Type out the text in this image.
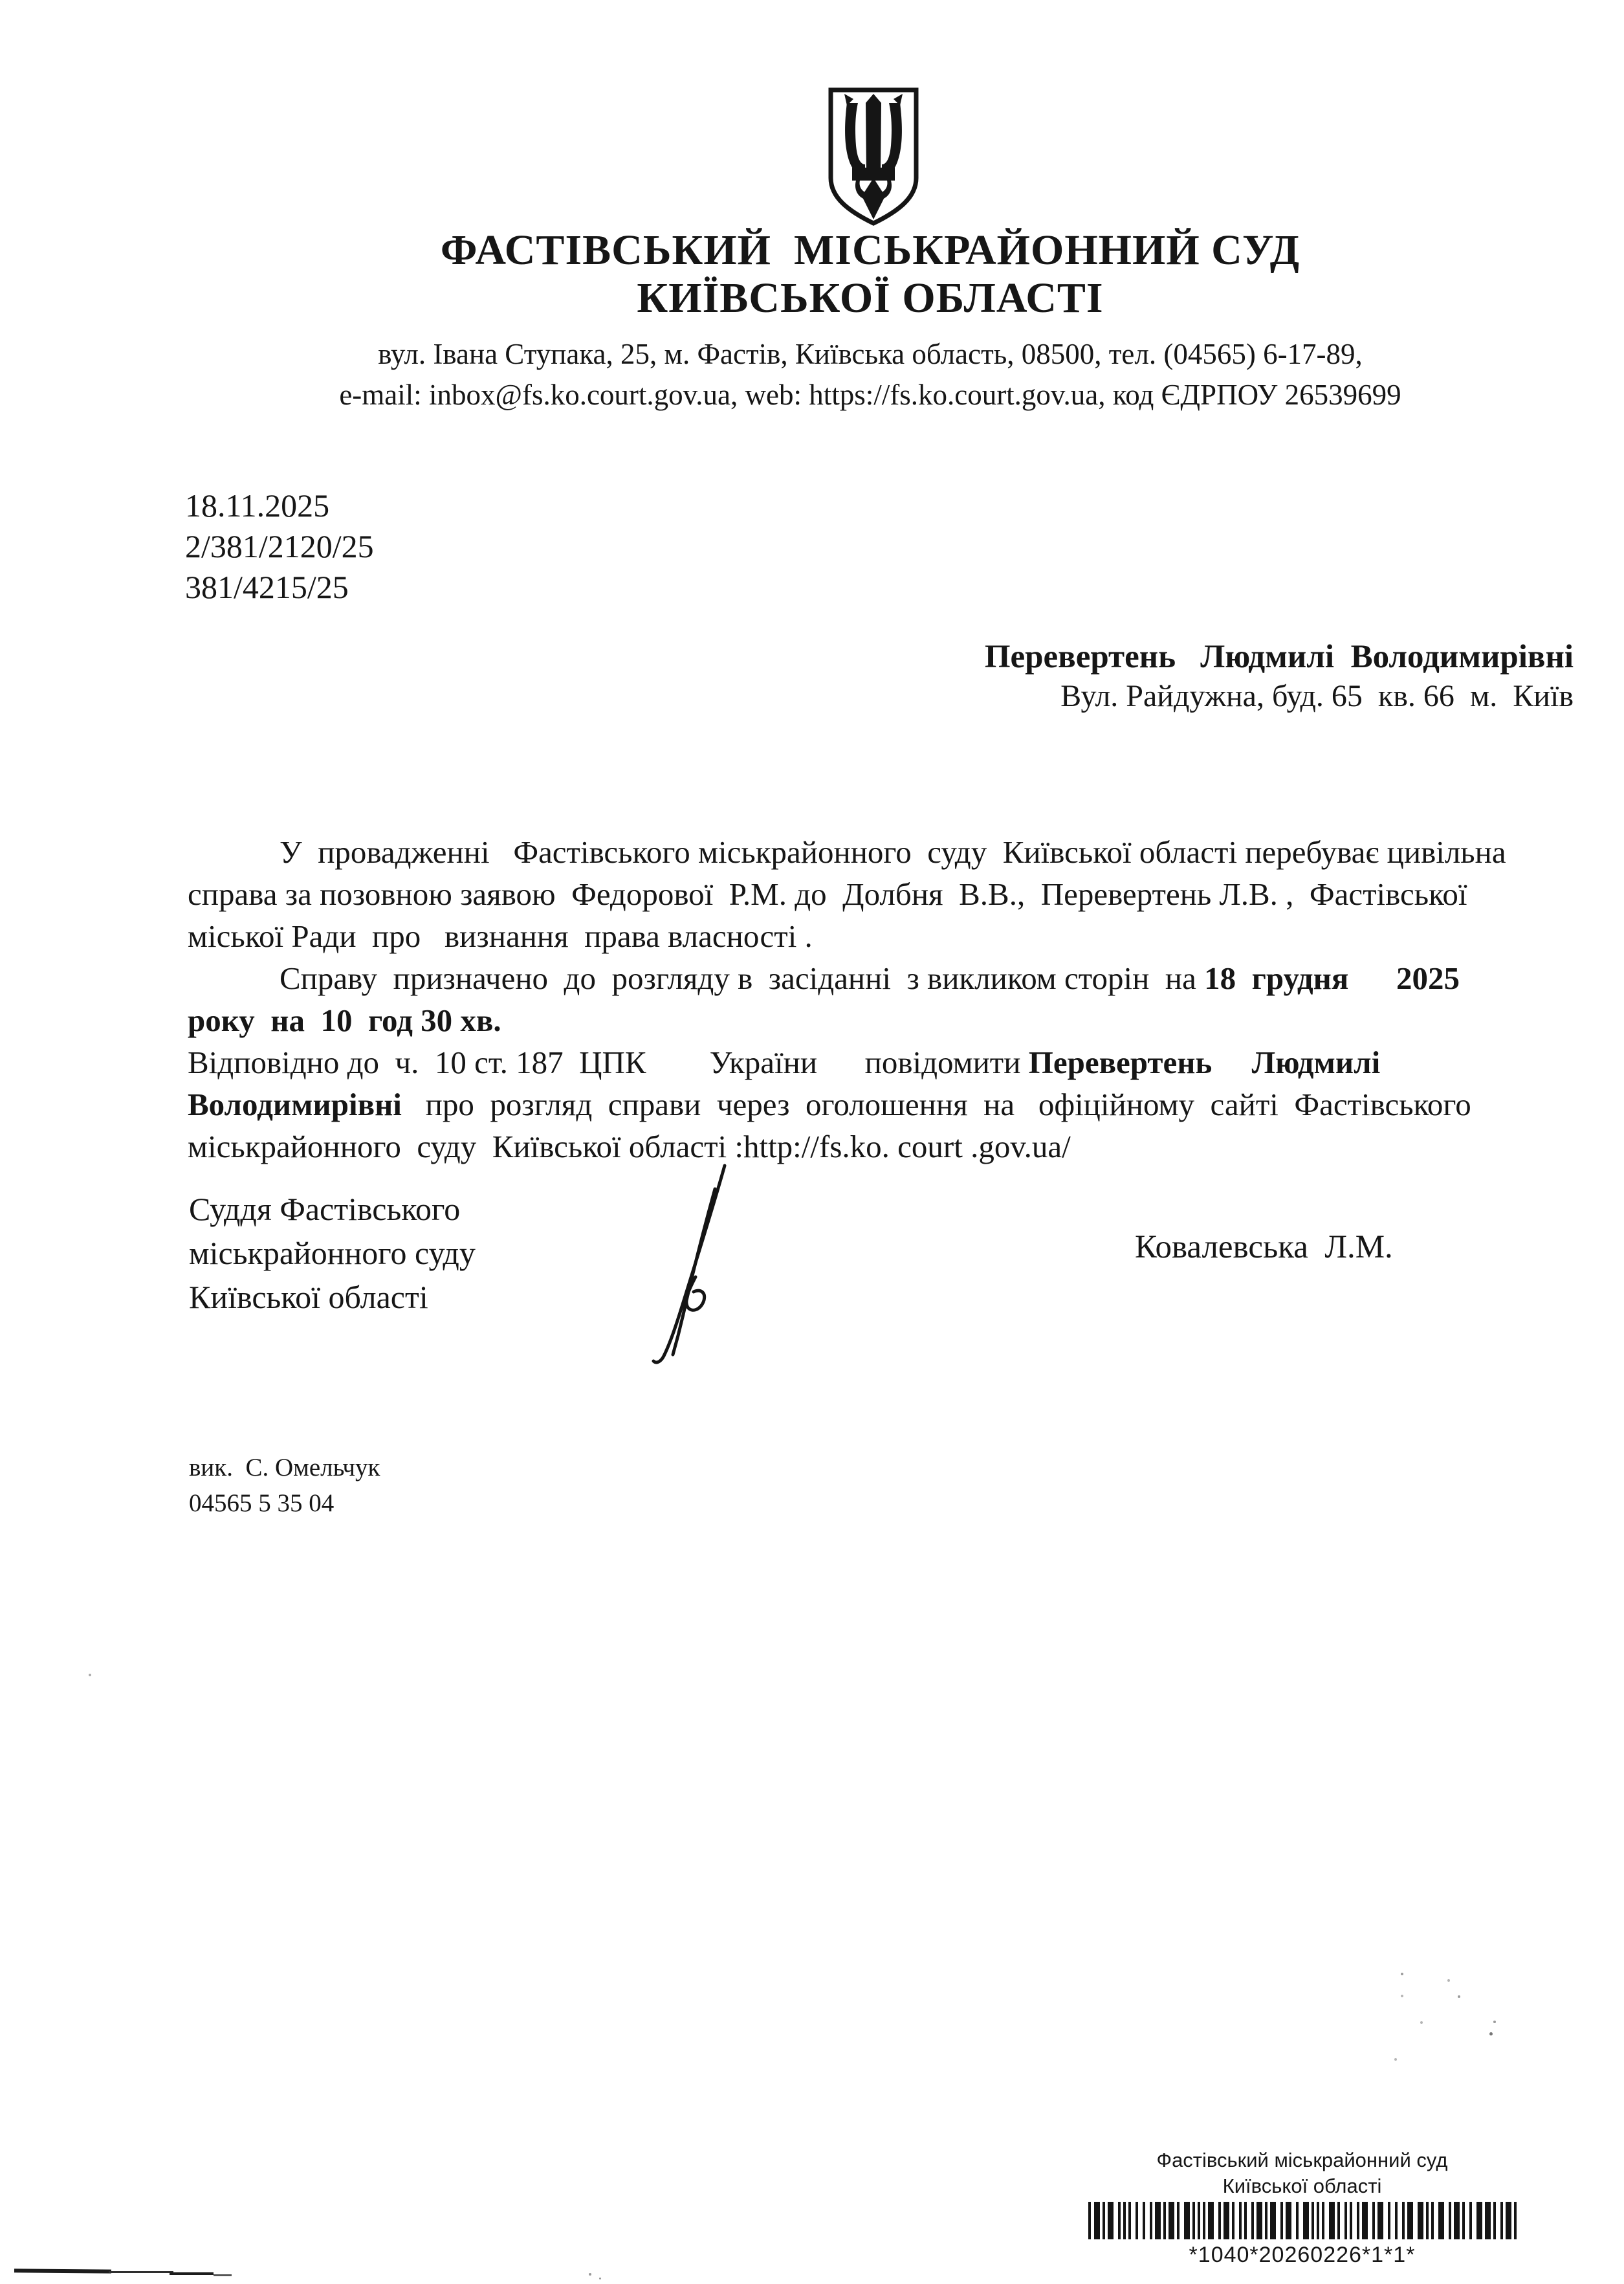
ФАСТІВСЬКИЙ  МІСЬКРАЙОННИЙ СУД
КИЇВСЬКОЇ ОБЛАСТІ
вул. Івана Ступака, 25, м. Фастів, Київська область, 08500, тел. (04565) 6-17-89,
e-mail: inbox@fs.ko.court.gov.ua, web: https://fs.ko.court.gov.ua, код ЄДРПОУ 26539699
18.11.2025
2/381/2120/25
381/4215/25
Перевертень   Людмилі  Володимирівні
Вул. Райдужна, буд. 65  кв. 66  м.  Київ
У  провадженні   Фастівського міськрайонного  суду  Київської області перебуває цивільна
справа за позовною заявою  Федорової  Р.М. до  Долбня  В.В.,  Перевертень Л.В. ,  Фастівської
міської Ради  про   визнання  права власності .
Справу  призначено  до  розгляду в  засіданні  з викликом сторін  на 18  грудня 2025
року  на  10  год 30 хв.
Відповідно до  ч.  10 ст. 187  ЦПК        України      повідомити Перевертень     Людмилі
Володимирівні   про  розгляд  справи  через  оголошення  на   офіційному  сайті  Фастівського
міськрайонного  суду  Київської області :http://fs.ko. court .gov.ua/
Суддя Фастівського
міськрайонного суду
Київської області
Ковалевська  Л.М.
вик.  С. Омельчук
04565 5 35 04
Фастівський міськрайонний суд
Київської області
*1040*20260226*1*1*
